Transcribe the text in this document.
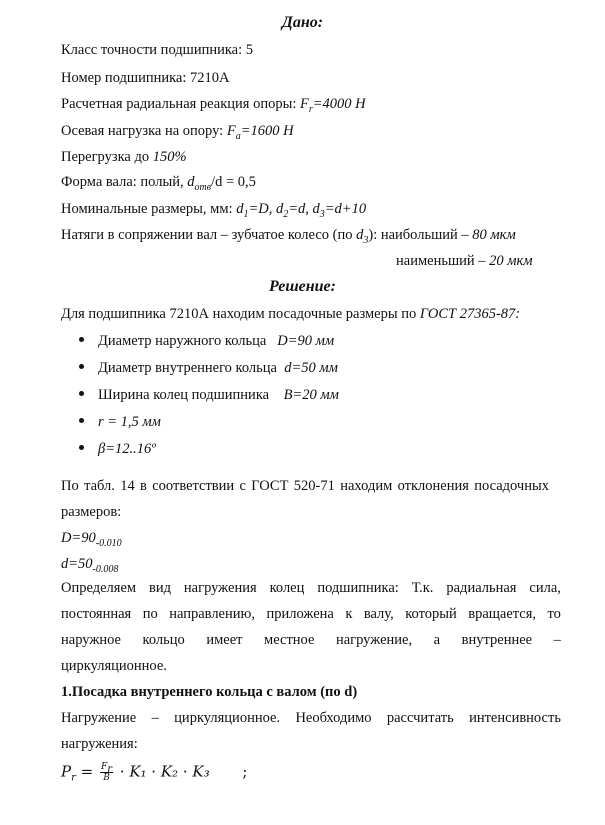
Дано:
Класс точности подшипника: 5
Номер подшипника: 7210А
Расчетная радиальная реакция опоры: $F_r=4000$ Н
Осевая нагрузка на опору: $F_a=1600$ Н
Перегрузка до 150%
Форма вала: полый, $d_{отв}/d = 0,5$
Номинальные размеры, мм: $d_1=D$, $d_2=d$, $d_3=d+10$
Натяги в сопряжении вал – зубчатое колесо (по $d_3$): наибольший – 80 мкм
наименьший – 20 мкм
Решение:
Для подшипника 7210А находим посадочные размеры по ГОСТ 27365-87:
Диаметр наружного кольца D=90 мм
Диаметр внутреннего кольца d=50 мм
Ширина колец подшипника B=20 мм
r = 1,5 мм
β=12..16º
По табл. 14 в соответствии с ГОСТ 520-71 находим отклонения посадочных
размеров:
$D=90_{-0.010}$
$d=50_{-0.008}$
Определяем вид нагружения колец подшипника: Т.к. радиальная сила,
постоянная по направлению, приложена к валу, который вращается, то
наружное кольцо имеет местное нагружение, а внутреннее –
циркуляционное.
1.Посадка внутреннего кольца с валом (по d)
Нагружение – циркуляционное. Необходимо рассчитать интенсивность
нагружения:
$P_r = \frac{F_r}{B} \cdot K_1 \cdot K_2 \cdot K_3$ ;
